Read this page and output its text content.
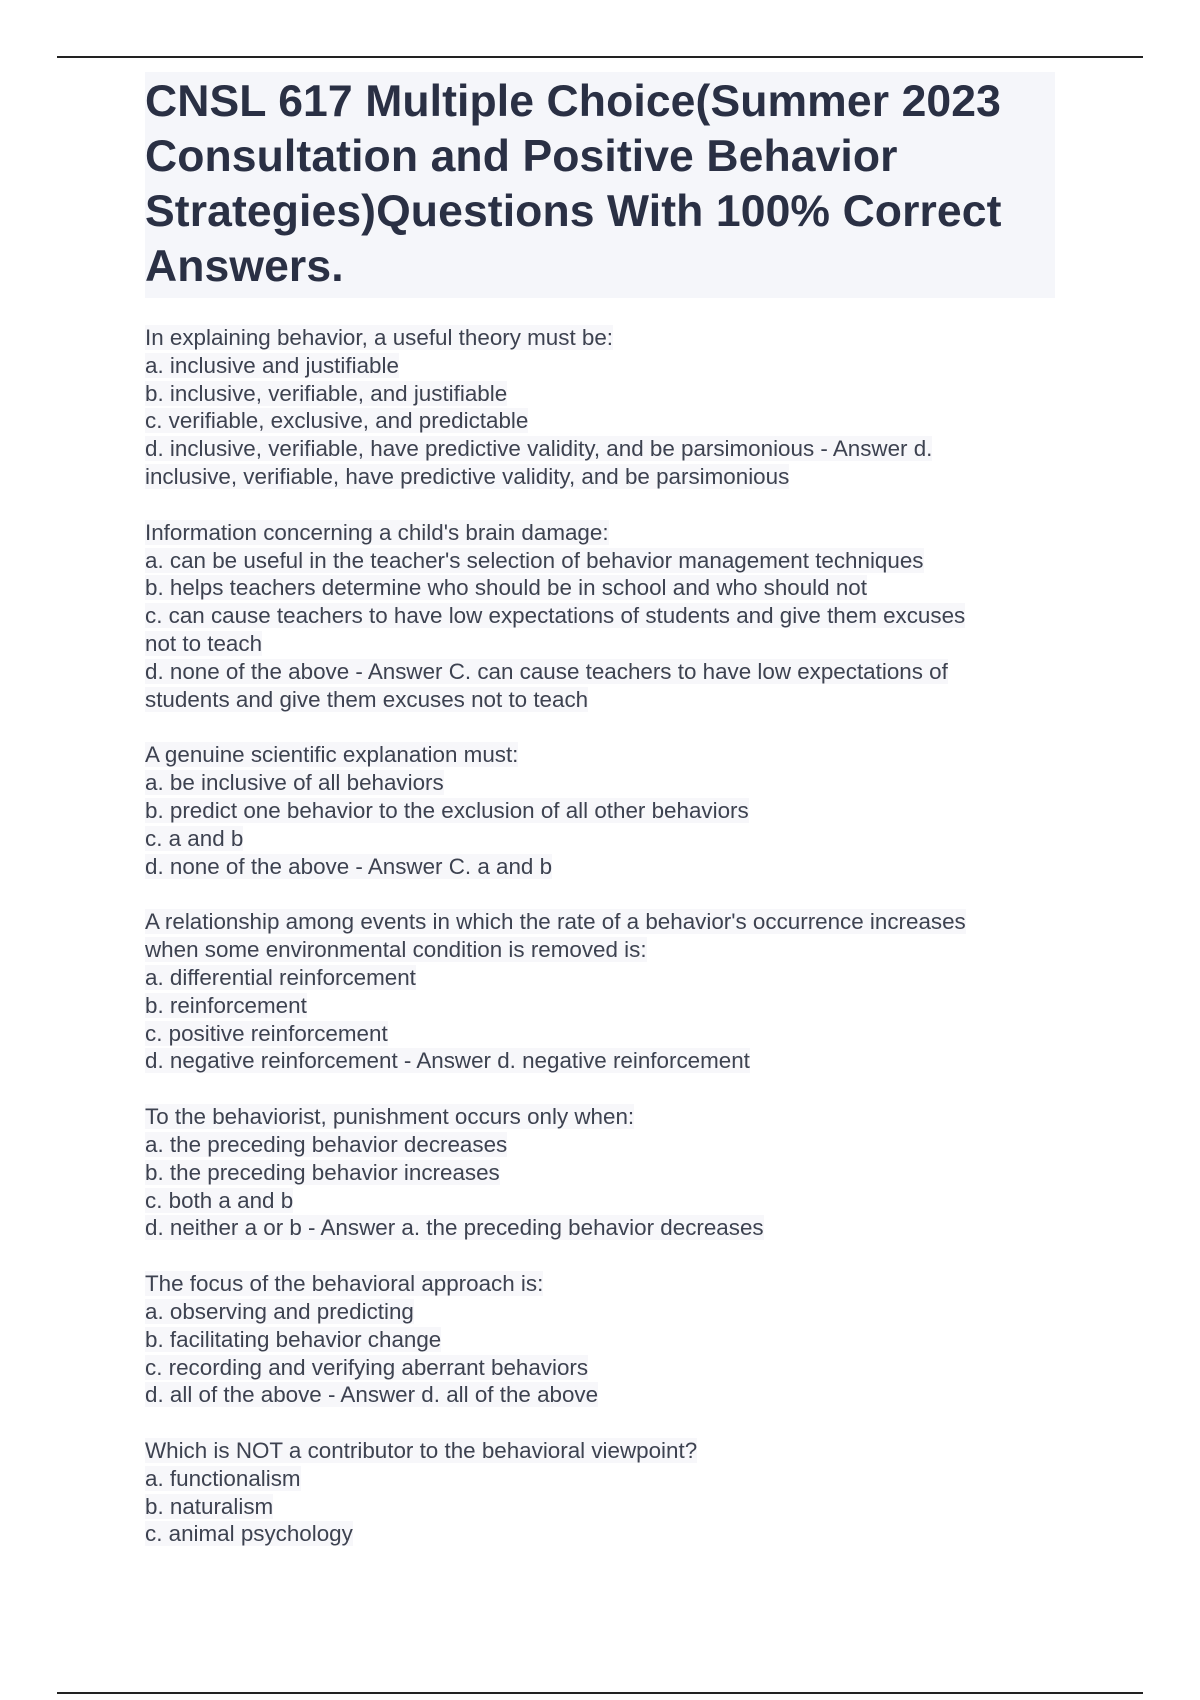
CNSL 617 Multiple Choice(Summer 2023 Consultation and Positive Behavior Strategies)Questions With 100% Correct Answers.
In explaining behavior, a useful theory must be:
a. inclusive and justifiable
b. inclusive, verifiable, and justifiable
c. verifiable, exclusive, and predictable
d. inclusive, verifiable, have predictive validity, and be parsimonious - Answer d.
inclusive, verifiable, have predictive validity, and be parsimonious
Information concerning a child's brain damage:
a. can be useful in the teacher's selection of behavior management techniques
b. helps teachers determine who should be in school and who should not
c. can cause teachers to have low expectations of students and give them excuses
not to teach
d. none of the above - Answer C. can cause teachers to have low expectations of
students and give them excuses not to teach
A genuine scientific explanation must:
a. be inclusive of all behaviors
b. predict one behavior to the exclusion of all other behaviors
c. a and b
d. none of the above - Answer C. a and b
A relationship among events in which the rate of a behavior's occurrence increases
when some environmental condition is removed is:
a. differential reinforcement
b. reinforcement
c. positive reinforcement
d. negative reinforcement - Answer d. negative reinforcement
To the behaviorist, punishment occurs only when:
a. the preceding behavior decreases
b. the preceding behavior increases
c. both a and b
d. neither a or b - Answer a. the preceding behavior decreases
The focus of the behavioral approach is:
a. observing and predicting
b. facilitating behavior change
c. recording and verifying aberrant behaviors
d. all of the above - Answer d. all of the above
Which is NOT a contributor to the behavioral viewpoint?
a. functionalism
b. naturalism
c. animal psychology
